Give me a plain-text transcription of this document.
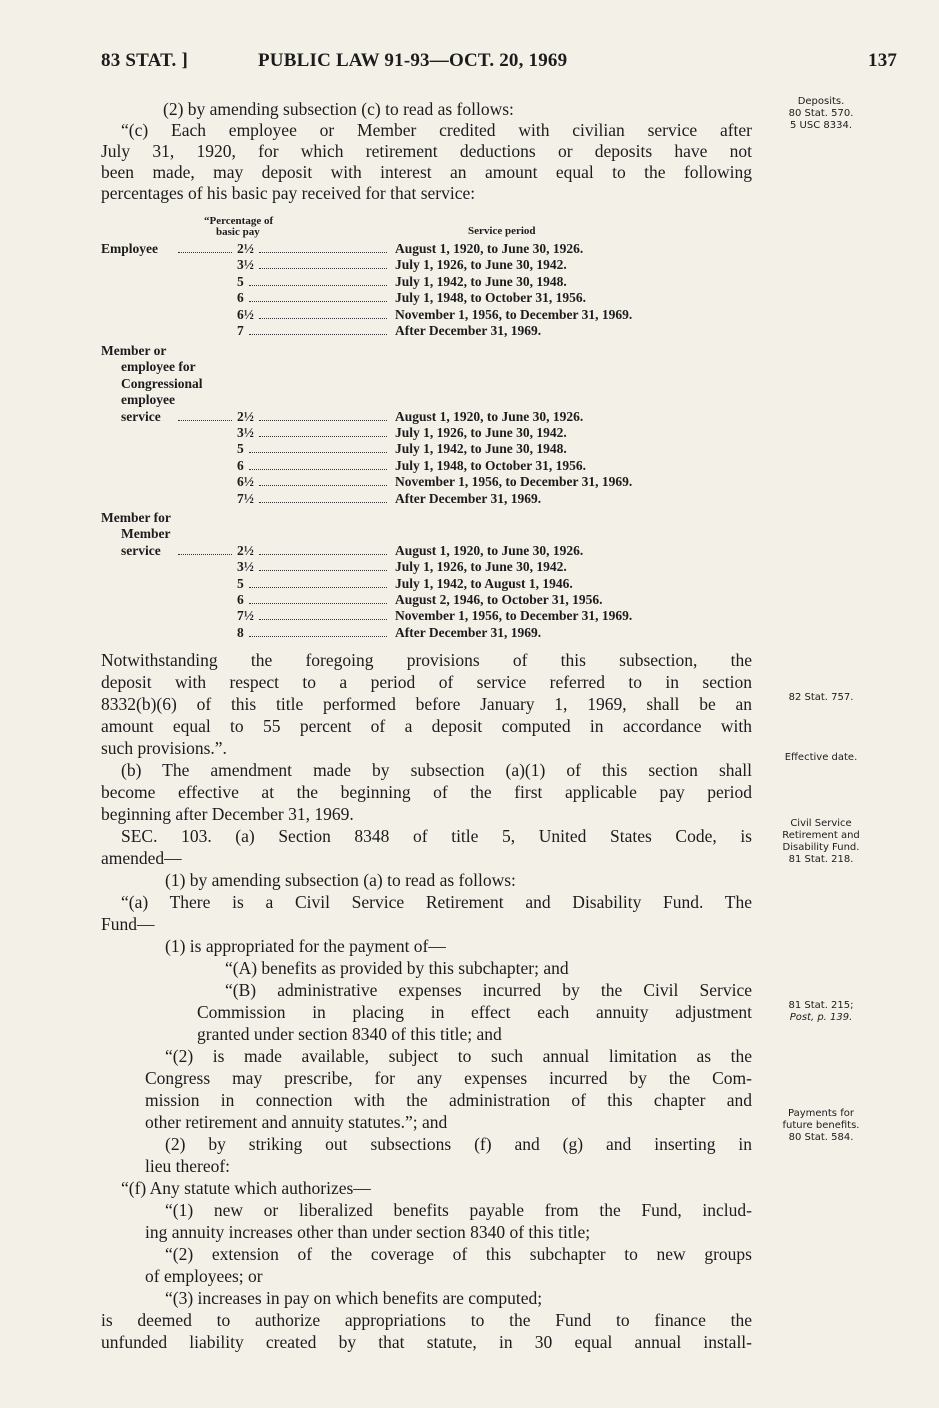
83 STAT. ]	PUBLIC LAW 91-93—OCT. 20, 1969	137
Deposits.
80 Stat. 570.
5 USC 8334.
82 Stat. 757.
Effective date.
Civil Service
Retirement and
Disability Fund.
81 Stat. 218.
81 Stat. 215;
Post, p. 139.
Payments for
future benefits.
80 Stat. 584.
(2) by amending subsection (c) to read as follows:
“(c) Each employee or Member credited with civilian service after
July 31, 1920, for which retirement deductions or deposits have not
been made, may deposit with interest an amount equal to the following
percentages of his basic pay received for that service:
“Percentage of
basic pay	Service period
Employee	2½	August 1, 1920, to June 30, 1926.
3½	July 1, 1926, to June 30, 1942.
5	July 1, 1942, to June 30, 1948.
6	July 1, 1948, to October 31, 1956.
6½	November 1, 1956, to December 31, 1969.
7	After December 31, 1969.
Member or
employee for
Congressional
employee
service	2½	August 1, 1920, to June 30, 1926.
3½	July 1, 1926, to June 30, 1942.
5	July 1, 1942, to June 30, 1948.
6	July 1, 1948, to October 31, 1956.
6½	November 1, 1956, to December 31, 1969.
7½	After December 31, 1969.
Member for
Member
service	2½	August 1, 1920, to June 30, 1926.
3½	July 1, 1926, to June 30, 1942.
5	July 1, 1942, to August 1, 1946.
6	August 2, 1946, to October 31, 1956.
7½	November 1, 1956, to December 31, 1969.
8	After December 31, 1969.
Notwithstanding the foregoing provisions of this subsection, the
deposit with respect to a period of service referred to in section
8332(b)(6) of this title performed before January 1, 1969, shall be an
amount equal to 55 percent of a deposit computed in accordance with
such provisions.”.
(b) The amendment made by subsection (a)(1) of this section shall
become effective at the beginning of the first applicable pay period
beginning after December 31, 1969.
SEC. 103. (a) Section 8348 of title 5, United States Code, is
amended—
(1) by amending subsection (a) to read as follows:
“(a) There is a Civil Service Retirement and Disability Fund. The
Fund—
(1) is appropriated for the payment of—
“(A) benefits as provided by this subchapter; and
“(B) administrative expenses incurred by the Civil Service
Commission in placing in effect each annuity adjustment
granted under section 8340 of this title; and
“(2) is made available, subject to such annual limitation as the
Congress may prescribe, for any expenses incurred by the Com-
mission in connection with the administration of this chapter and
other retirement and annuity statutes.”; and
(2) by striking out subsections (f) and (g) and inserting in
lieu thereof:
“(f) Any statute which authorizes—
“(1) new or liberalized benefits payable from the Fund, includ-
ing annuity increases other than under section 8340 of this title;
“(2) extension of the coverage of this subchapter to new groups
of employees; or
“(3) increases in pay on which benefits are computed;
is deemed to authorize appropriations to the Fund to finance the
unfunded liability created by that statute, in 30 equal annual install-
